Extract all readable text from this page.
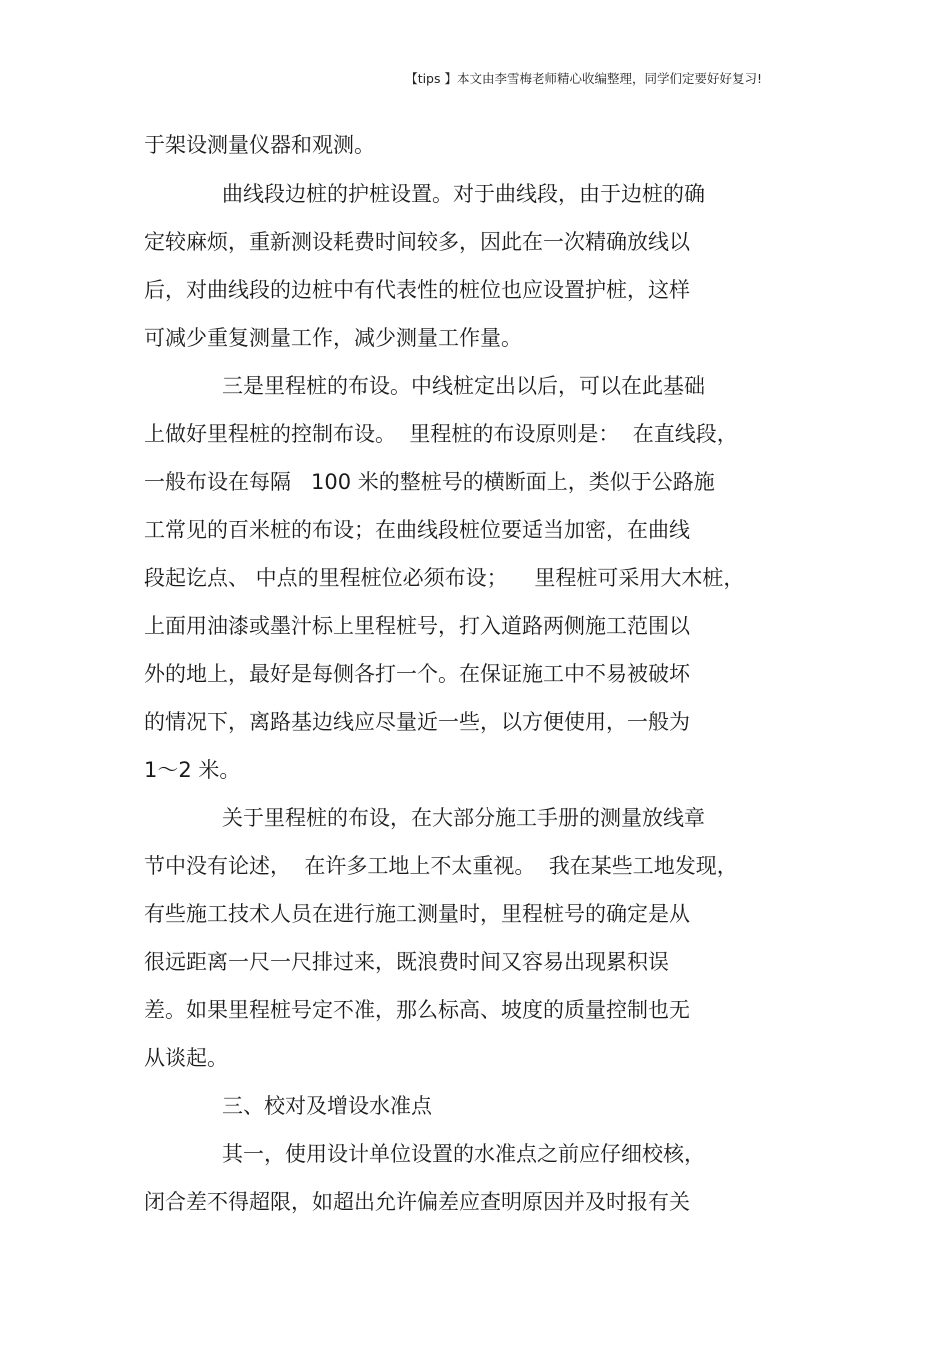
【tips 】本文由李雪梅老师精心收编整理，同学们定要好好复习!
于架设测量仪器和观测。
曲线段边桩的护桩设置。对于曲线段，由于边桩的确
定较麻烦，重新测设耗费时间较多，因此在一次精确放线以
后，对曲线段的边桩中有代表性的桩位也应设置护桩，这样
可减少重复测量工作，减少测量工作量。
三是里程桩的布设。中线桩定出以后，可以在此基础
上做好里程桩的控制布设。  里程桩的布设原则是：  在直线段，
一般布设在每隔   100 米的整桩号的横断面上，类似于公路施
工常见的百米桩的布设；在曲线段桩位要适当加密，在曲线
段起讫点、 中点的里程桩位必须布设；    里程桩可采用大木桩，
上面用油漆或墨汁标上里程桩号，打入道路两侧施工范围以
外的地上，最好是每侧各打一个。在保证施工中不易被破坏
的情况下，离路基边线应尽量近一些，以方便使用，一般为
1～2 米。
关于里程桩的布设，在大部分施工手册的测量放线章
节中没有论述，  在许多工地上不太重视。  我在某些工地发现，
有些施工技术人员在进行施工测量时，里程桩号的确定是从
很远距离一尺一尺排过来，既浪费时间又容易出现累积误
差。如果里程桩号定不准，那么标高、坡度的质量控制也无
从谈起。
三、校对及增设水准点
其一，使用设计单位设置的水准点之前应仔细校核，
闭合差不得超限，如超出允许偏差应查明原因并及时报有关
